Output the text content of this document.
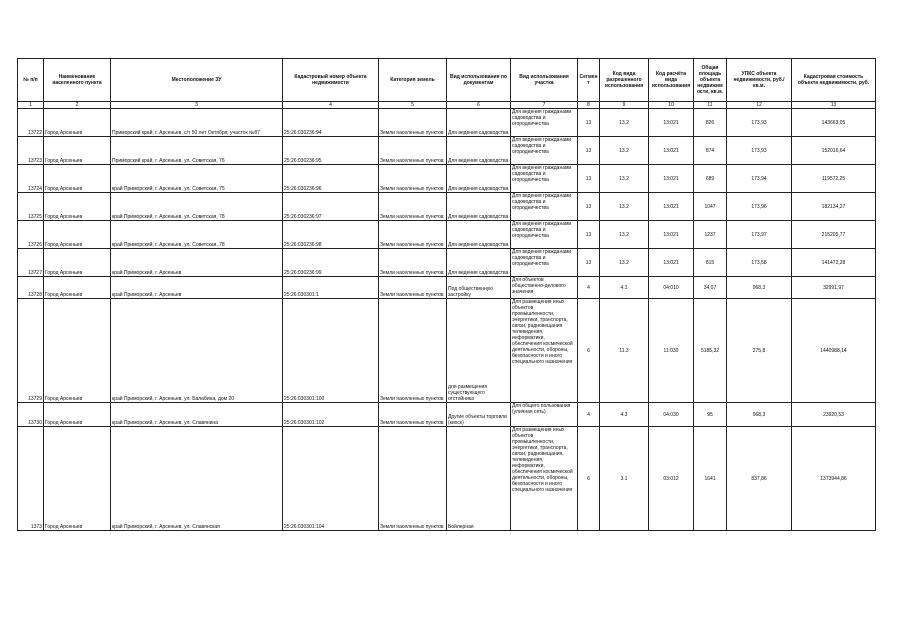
№ п/п	Наименование населенного пункта	Местоположение ЗУ	Кадастровый номер объекта недвижимости	Категория земель	Вид использования по документам	Вид использования участка	Сегмент	Код вида разрешенного использования	Код расчёта вида использования	Общая площадь объекта недвижим ости, кв.м.	УПКС объекта недвижимости, руб./кв.м.	Кадастровая стоимость объекта недвижимости, руб.
1	2	3	4	5	6	7	8	9	10	11	12	13
13722	Город Арсеньев	Приморский край, г. Арсеньев, с/т 50 лет Октября, участок №87	25:26:030236:94	Земли населенных пунктов	Для ведения садоводства	Для ведения гражданами садоводства и огородничества	13	13.2	13:021	826	173,93	143663,05
13723	Город Арсеньев	Приморский край, г. Арсеньев, ул. Советская, 76	25:26:030236:95	Земли населенных пунктов	Для ведения садоводства	Для ведения гражданами садоводства и огородничества	13	13.2	13:021	874	173,93	152016,64
13724	Город Арсеньев	край Приморский, г. Арсеньев, ул. Советская, 75	25:26:030236:96	Земли населенных пунктов	Для ведения садоводства	Для ведения гражданами садоводства и огородничества	13	13.2	13:021	689	173,94	119572,25
13725	Город Арсеньев	край Приморский, г. Арсеньев, ул. Советская, 78	25:26:030236:97	Земли населенных пунктов	Для ведения садоводства	Для ведения гражданами садоводства и огородничества	13	13.2	13:021	1047	173,96	182134,27
13726	Город Арсеньев	край Приморский, г. Арсеньев, ул. Советская, 78	25:26:030236:98	Земли населенных пунктов	Для ведения садоводства	Для ведения гражданами садоводства и огородничества	13	13.2	13:021	1237	173,97	215205,77
13727	Город Арсеньев	край Приморский, г. Арсеньев	25:26:030236:99	Земли населенных пунктов	Для ведения садоводства	Для ведения гражданами садоводства и огородничества	13	13.2	13:021	815	173,58	141472,28
13728	Город Арсеньев	край Приморский, г. Арсеньев	25:26:030301:1	Земли населенных пунктов	Под общественную застройку	Для объектов общественно-делового значения	4	4.1	04:010	34,07	968,3	32991,97
13729	Город Арсеньев	край Приморский, г. Арсеньев, ул. Балабина, дом 20	25:26:030301:100	Земли населенных пунктов	для размещения существующего отстойника	Для размещения иных объектов промышленности, энергетики, транспорта, связи, радиовещания телевидения, информатики, обеспечения космической деятельности, обороны, безопасности и иного специального назначения	6	11.3	11:030	5185,32	275,8	1440988,14
13730	Город Арсеньев	край Приморский, г. Арсеньев, ул. Славянина	25:26:030301:102	Земли населенных пунктов	Другие объекты торговли (киоск)	Для общего пользования (уличная сеть)	4	4.3	04:030	95	968,3	23920,53
1373	Город Арсеньев	край Приморский, г. Арсеньев, ул. Славянская	25:26:030301:104	Земли населенных пунктов	Бойлерная	Для размещения иных объектов промышленности, энергетики, транспорта, связи, радиовещания, телевидения, информатики, обеспечения космической деятельности, обороны, безопасности и иного специального назначения	6	3.1	03:012	1641	837,86	1373944,86
